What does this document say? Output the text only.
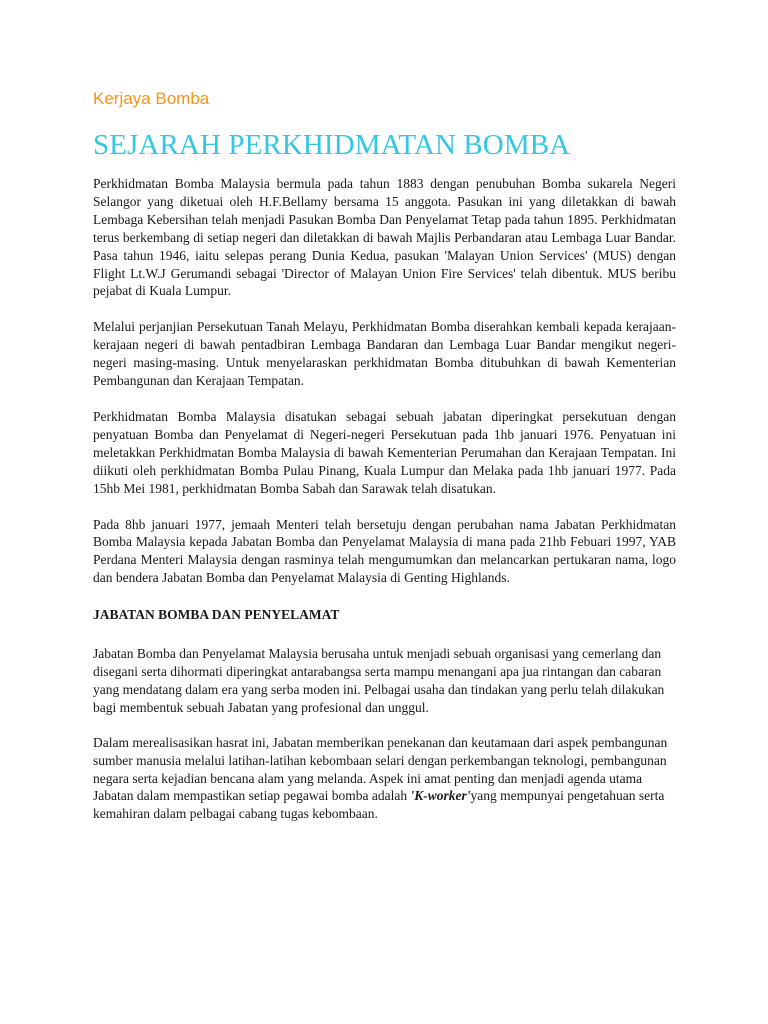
Kerjaya Bomba

SEJARAH PERKHIDMATAN BOMBA

Perkhidmatan Bomba Malaysia bermula pada tahun 1883 dengan penubuhan Bomba sukarela Negeri Selangor yang diketuai oleh H.F.Bellamy bersama 15 anggota. Pasukan ini yang diletakkan di bawah Lembaga Kebersihan telah menjadi Pasukan Bomba Dan Penyelamat Tetap pada tahun 1895. Perkhidmatan terus berkembang di setiap negeri dan diletakkan di bawah Majlis Perbandaran atau Lembaga Luar Bandar. Pasa tahun 1946, iaitu selepas perang Dunia Kedua, pasukan 'Malayan Union Services' (MUS) dengan Flight Lt.W.J Gerumandi sebagai 'Director of Malayan Union Fire Services' telah dibentuk. MUS beribu pejabat di Kuala Lumpur.

Melalui perjanjian Persekutuan Tanah Melayu, Perkhidmatan Bomba diserahkan kembali kepada kerajaan-kerajaan negeri di bawah pentadbiran Lembaga Bandaran dan Lembaga Luar Bandar mengikut negeri-negeri masing-masing. Untuk menyelaraskan perkhidmatan Bomba ditubuhkan di bawah Kementerian Pembangunan dan Kerajaan Tempatan.

Perkhidmatan Bomba Malaysia disatukan sebagai sebuah jabatan diperingkat persekutuan dengan penyatuan Bomba dan Penyelamat di Negeri-negeri Persekutuan pada 1hb januari 1976. Penyatuan ini meletakkan Perkhidmatan Bomba Malaysia di bawah Kementerian Perumahan dan Kerajaan Tempatan. Ini diikuti oleh perkhidmatan Bomba Pulau Pinang, Kuala Lumpur dan Melaka pada 1hb januari 1977. Pada 15hb Mei 1981, perkhidmatan Bomba Sabah dan Sarawak telah disatukan.

Pada 8hb januari 1977, jemaah Menteri telah bersetuju dengan perubahan nama Jabatan Perkhidmatan Bomba Malaysia kepada Jabatan Bomba dan Penyelamat Malaysia di mana pada 21hb Febuari 1997, YAB Perdana Menteri Malaysia dengan rasminya telah mengumumkan dan melancarkan pertukaran nama, logo dan bendera Jabatan Bomba dan Penyelamat Malaysia di Genting Highlands.

JABATAN BOMBA DAN PENYELAMAT

Jabatan Bomba dan Penyelamat Malaysia berusaha untuk menjadi sebuah organisasi yang cemerlang dan disegani serta dihormati diperingkat antarabangsa serta mampu menangani apa jua rintangan dan cabaran yang mendatang dalam era yang serba moden ini. Pelbagai usaha dan tindakan yang perlu telah dilakukan bagi membentuk sebuah Jabatan yang profesional dan unggul.

Dalam merealisasikan hasrat ini, Jabatan memberikan penekanan dan keutamaan dari aspek pembangunan sumber manusia melalui latihan-latihan kebombaan selari dengan perkembangan teknologi, pembangunan negara serta kejadian bencana alam yang melanda. Aspek ini amat penting dan menjadi agenda utama Jabatan dalam mempastikan setiap pegawai bomba adalah 'K-worker'yang mempunyai pengetahuan serta kemahiran dalam pelbagai cabang tugas kebombaan.
